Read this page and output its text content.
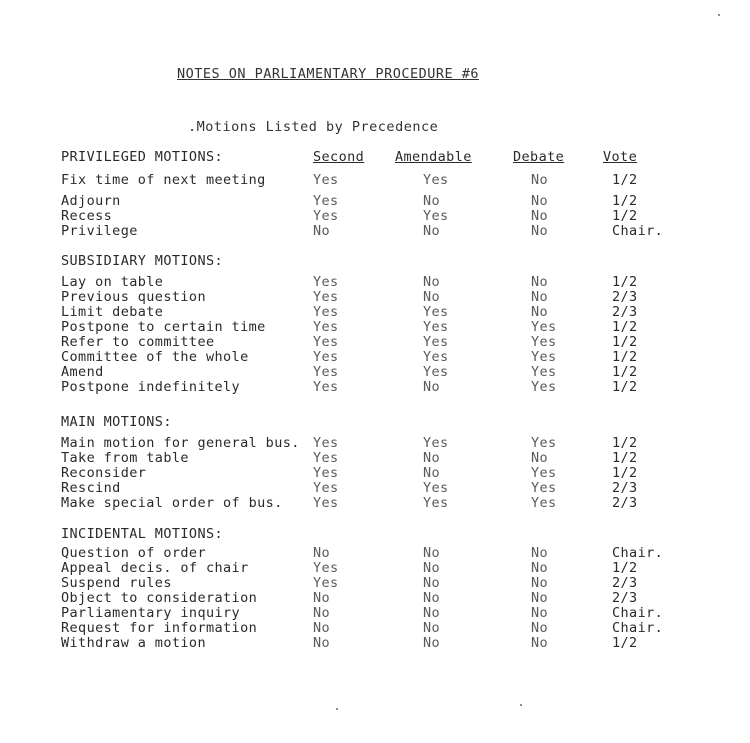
NOTES ON PARLIAMENTARY PROCEDURE #6
.Motions Listed by Precedence
PRIVILEGED MOTIONS:	Second Amendable	Debate	Vote
Fix time of next meeting	Yes	Yes	No	1/2
Adjourn	Yes	No	No	1/2
Recess	Yes	Yes	No	1/2
Privilege	No	No	No	Chair.
SUBSIDIARY MOTIONS:
Lay on table	Yes	No	No	1/2
Previous question	Yes	No	No	2/3
Limit debate	Yes	Yes	No	2/3
Postpone to certain time	Yes	Yes	Yes	1/2
Refer to committee	Yes	Yes	Yes	1/2
Committee of the whole	Yes	Yes	Yes	1/2
Amend	Yes	Yes	Yes	1/2
Postpone indefinitely	Yes	No	Yes	1/2
MAIN MOTIONS:
Main motion for general bus. Yes	Yes	Yes	1/2
Take from table	Yes	No	No	1/2
Reconsider	Yes	No	Yes	1/2
Rescind	Yes	Yes	Yes	2/3
Make special order of bus. Yes	Yes	Yes	2/3
INCIDENTAL MOTIONS:
Question of order	No	No	No	Chair.
Appeal decis. of chair	Yes	No	No	1/2
Suspend rules	Yes	No	No	2/3
Object to consideration	No	No	No	2/3
Parliamentary inquiry	No	No	No	Chair.
Request for information	No	No	No	Chair.
Withdraw a motion	No	No	No	1/2
